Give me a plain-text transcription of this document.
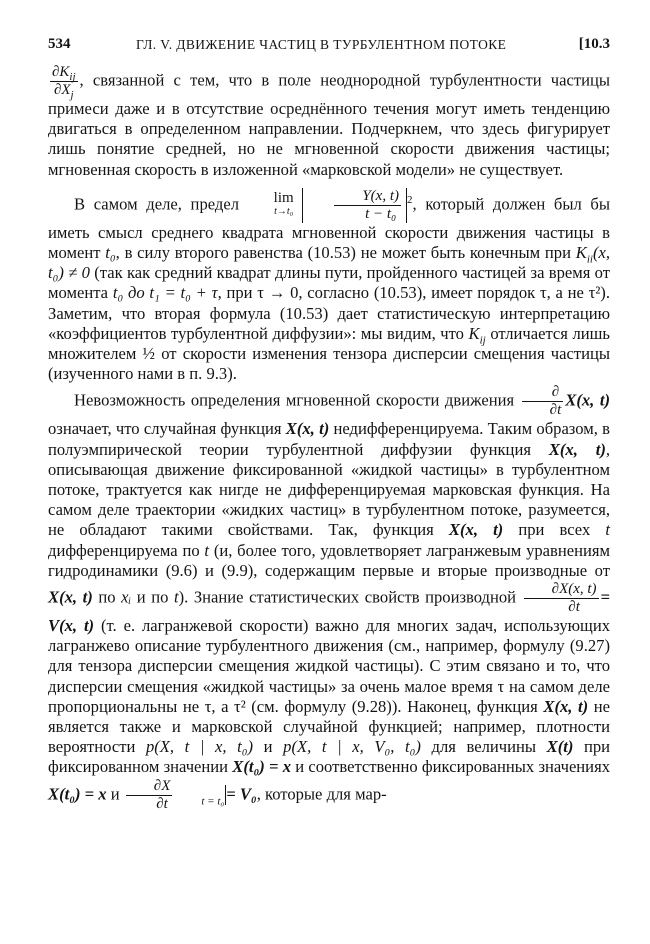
534	ГЛ. V. ДВИЖЕНИЕ ЧАСТИЦ В ТУРБУЛЕНТНОМ ПОТОКЕ	[10.3

$\frac{\partial K_{ij}}{\partial X_j}$ , связанной с тем, что в поле неоднородной турбулентности частицы примеси даже и в отсутствие осреднённого течения могут иметь тенденцию двигаться в определенном направлении. Подчеркнем, что здесь фигурирует лишь понятие средней, но не мгновенной скорости движения частицы; мгновенная скорость в изложенной «марковской модели» не существует.

В самом деле, предел lim
t→t₀
	$\frac{Y(x, t)}{\text{t − t₀}} ^2$, который должен был бы иметь смысл среднего квадрата мгновенной скорости движения частицы в момент t₀, в силу второго равенства (10.53) не может быть конечным при $K_{ii}(x$, t₀) ≠ 0 (так как средний квадрат длины пути, пройденного частицей за время от момента t₀ до t₁ = t₀ + τ, при τ → 0, согласно (10.53), имеет порядок τ, а не τ²). Заметим, что вторая формула (10.53) дает статистическую интерпретацию «коэффициентов турбулентной диффузии»: мы видим, что $K_{ij}$ отличается лишь множителем ½ от скорости изменения тензора дисперсии смещения частицы (изученного нами в п. 9.3).

Невозможность определения мгновенной скорости движения $\frac{\partial}{\partial t} X(x$, t) означает, что случайная функция X(x, t) недифференцируема. Таким образом, в полуэмпирической теории турбулентной диффузии функция X(x, t), описывающая движение фиксированной «жидкой частицы» в турбулентном потоке, трактуется как нигде не дифференцируемая марковская функция. На самом деле траектории «жидких частиц» в турбулентном потоке, разумеется, не обладают такими свойствами. Так, функция X(x, t) при всех t дифференцируема по t (и, более того, удовлетворяет лагранжевым уравнениям гидродинамики (9.6) и (9.9), содержащим первые и вторые производные от X(x, t) по xᵢ и по t). Знание статистических свойств производной $\frac{\partial X(x, t)}{\partial t} = V(x$, t) (т. е. лагранжевой скорости) важно для многих задач, использующих лагранжево описание турбулентного движения (см., например, формулу (9.27) для тензора дисперсии смещения жидкой частицы). С этим связано и то, что дисперсии смещения «жидкой частицы» за очень малое время τ на самом деле пропорциональны не τ, а τ² (см. формулу (9.28)). Наконец, функция X(x, t) не является также и марковской случайной функцией; например, плотности вероятности p(X, t | x, t₀) и p(X, t | x, V₀, t₀) для величины X(t) при фиксированном значении X(t₀) = x и соответственно фиксированных значениях X(t₀) = x и $\frac{\partial X}{\partial t}$	$_{t = t_0}$ = V₀, которые для мар-
